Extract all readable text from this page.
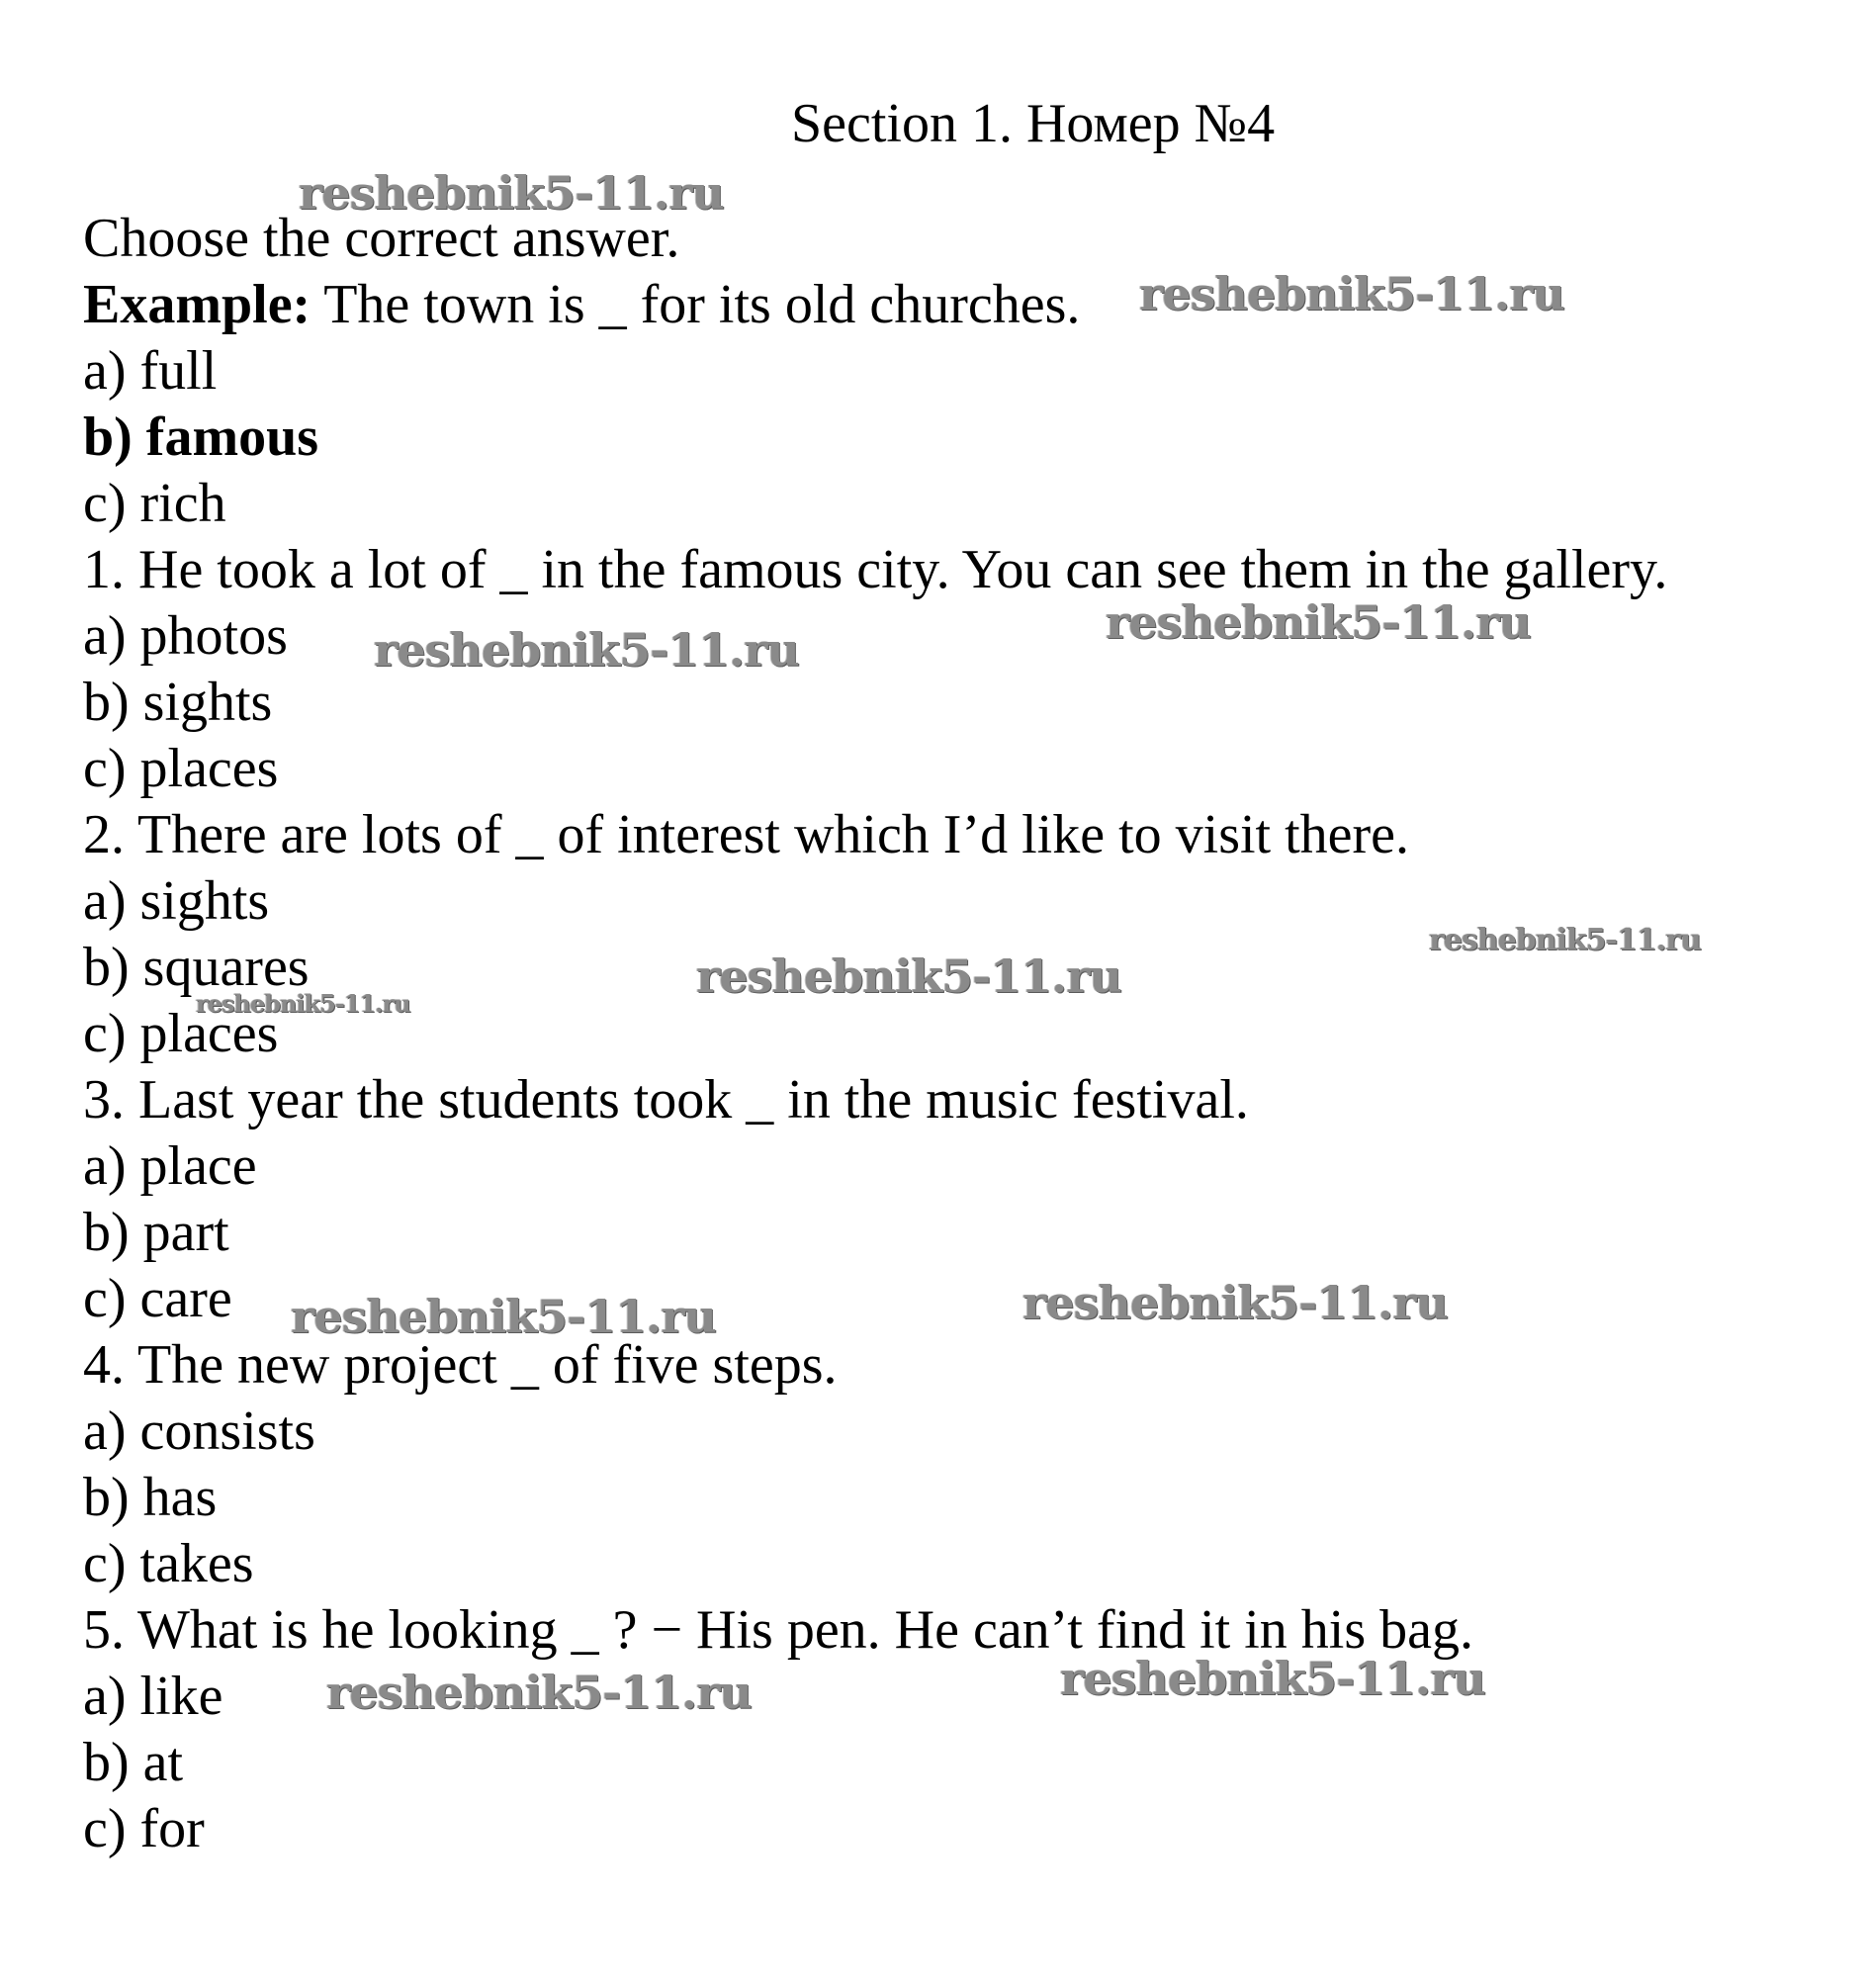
Section 1. Номер №4
Choose the correct answer.
Example: The town is _ for its old churches.
a) full
b) famous
c) rich
1. He took a lot of _ in the famous city. You can see them in the gallery.
a) photos
b) sights
c) places
2. There are lots of _ of interest which I’d like to visit there.
a) sights
b) squares
c) places
3. Last year the students took _ in the music festival.
a) place
b) part
c) care
4. The new project _ of five steps.
a) consists
b) has
c) takes
5. What is he looking _ ? − His pen. He can’t find it in his bag.
a) like
b) at
c) for
reshebnik5-11.ru
reshebnik5-11.ru
reshebnik5-11.ru
reshebnik5-11.ru
reshebnik5-11.ru
reshebnik5-11.ru
reshebnik5-11.ru
reshebnik5-11.ru
reshebnik5-11.ru
reshebnik5-11.ru
reshebnik5-11.ru
